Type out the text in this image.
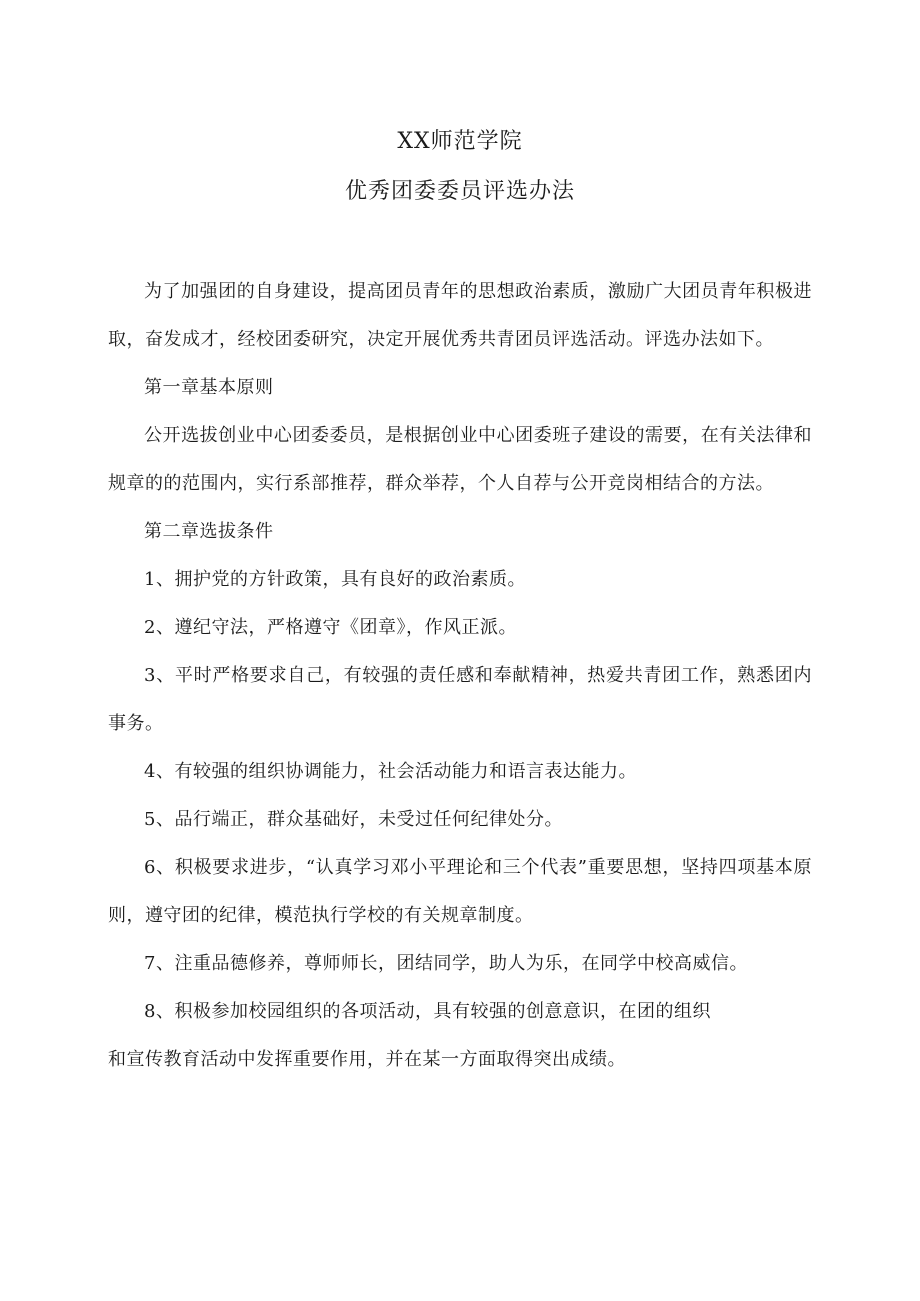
XX师范学院
优秀团委委员评选办法

为了加强团的自身建设，提高团员青年的思想政治素质，激励广大团员青年积极进取，奋发成才，经校团委研究，决定开展优秀共青团员评选活动。评选办法如下。

第一章基本原则

公开选拔创业中心团委委员，是根据创业中心团委班子建设的需要，在有关法律和规章的的范围内，实行系部推荐，群众举荐，个人自荐与公开竞岗相结合的方法。

第二章选拔条件

1、拥护党的方针政策，具有良好的政治素质。

2、遵纪守法，严格遵守《团章》，作风正派。

3、平时严格要求自己，有较强的责任感和奉献精神，热爱共青团工作，熟悉团内事务。

4、有较强的组织协调能力，社会活动能力和语言表达能力。

5、品行端正，群众基础好，未受过任何纪律处分。

6、积极要求进步，“认真学习邓小平理论和三个代表”重要思想，坚持四项基本原则，遵守团的纪律，模范执行学校的有关规章制度。

7、注重品德修养，尊师师长，团结同学，助人为乐，在同学中校高威信。

8、积极参加校园组织的各项活动，具有较强的创意意识，在团的组织

和宣传教育活动中发挥重要作用，并在某一方面取得突出成绩。
